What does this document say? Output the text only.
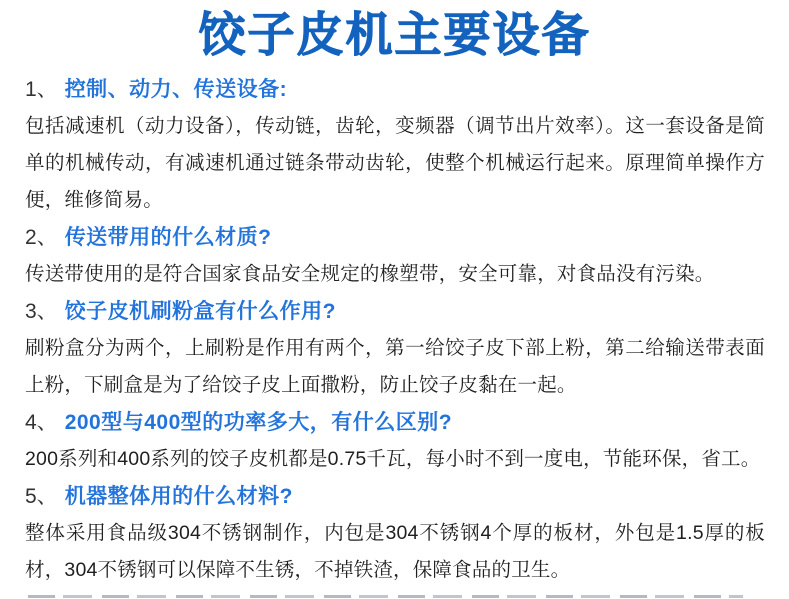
饺子皮机主要设备
1、 控制、动力、传送设备:

包括减速机（动力设备），传动链，齿轮，变频器（调节出片效率）。这一套设备是简单的机械传动，有减速机通过链条带动齿轮，使整个机械运行起来。原理简单操作方便，维修简易。

2、 传送带用的什么材质?

传送带使用的是符合国家食品安全规定的橡塑带，安全可靠，对食品没有污染。

3、 饺子皮机刷粉盒有什么作用?

刷粉盒分为两个，上刷粉是作用有两个，第一给饺子皮下部上粉，第二给输送带表面上粉，下刷盒是为了给饺子皮上面撒粉，防止饺子皮黏在一起。

4、 200型与400型的功率多大，有什么区别?

200系列和400系列的饺子皮机都是0.75千瓦，每小时不到一度电，节能环保，省工。

5、 机器整体用的什么材料?

整体采用食品级304不锈钢制作，内包是304不锈钢4个厚的板材，外包是1.5厚的板材，304不锈钢可以保障不生锈，不掉铁渣，保障食品的卫生。
